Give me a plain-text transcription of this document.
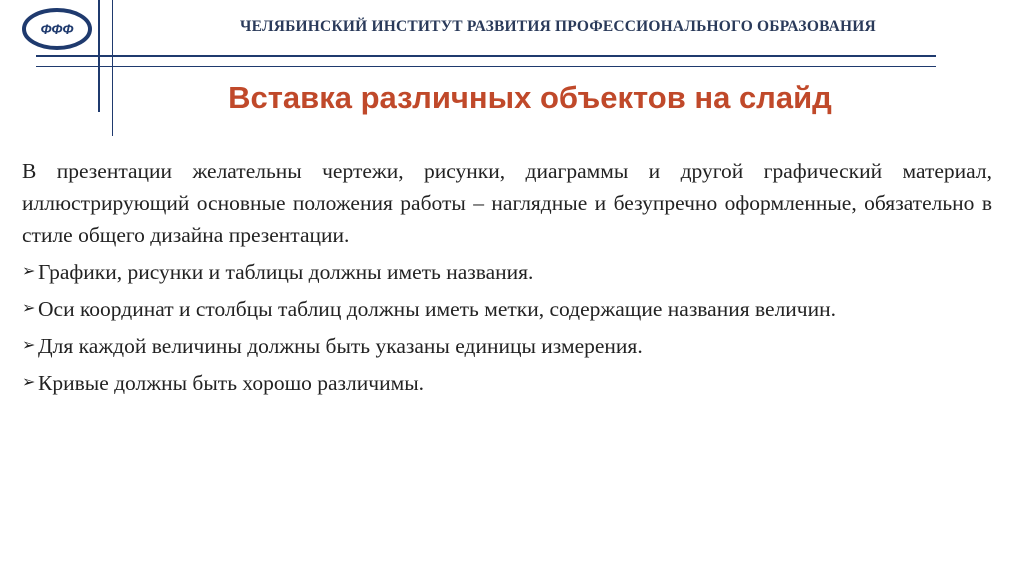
ФФФ	ЧЕЛЯБИНСКИЙ ИНСТИТУТ РАЗВИТИЯ ПРОФЕССИОНАЛЬНОГО ОБРАЗОВАНИЯ
Вставка различных объектов на слайд

В презентации желательны чертежи, рисунки, диаграммы и другой графический материал, иллюстрирующий основные положения работы – наглядные и безупречно оформленные, обязательно в стиле общего дизайна презентации.

➢ Графики, рисунки и таблицы должны иметь названия.
➢ Оси координат и столбцы таблиц должны иметь метки, содержащие названия величин.
➢ Для каждой величины должны быть указаны единицы измерения.
➢ Кривые должны быть хорошо различимы.
